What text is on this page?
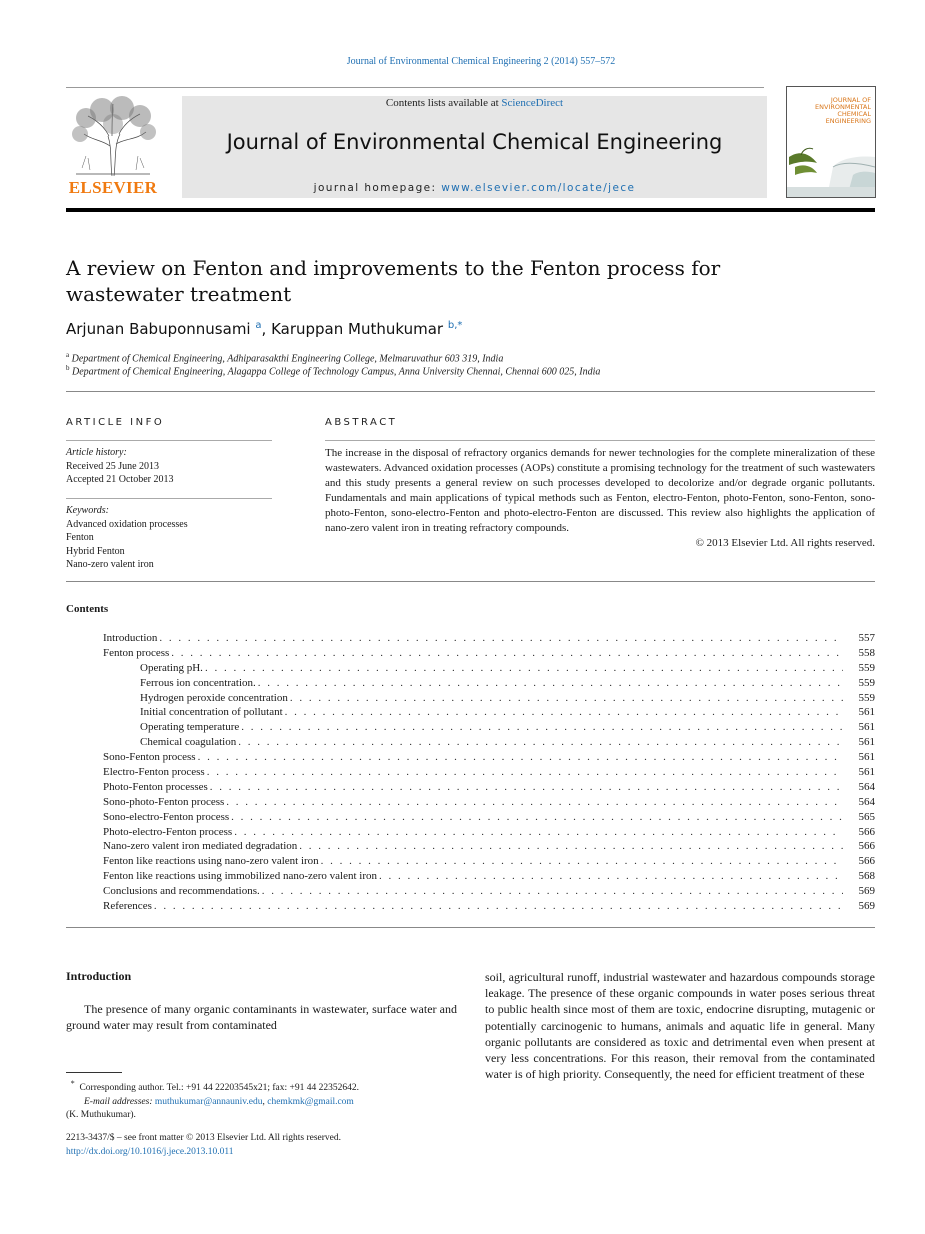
Journal of Environmental Chemical Engineering 2 (2014) 557–572
ELSEVIER
Contents lists available at ScienceDirect
Journal of Environmental Chemical Engineering
journal homepage: www.elsevier.com/locate/jece
JOURNAL OF
ENVIRONMENTAL
CHEMICAL
ENGINEERING
A review on Fenton and improvements to the Fenton process for
wastewater treatment
Arjunan Babuponnusami $^a$, Karuppan Muthukumar $^{b,*}$
$^a$ Department of Chemical Engineering, Adhiparasakthi Engineering College, Melmaruvathur 603 319, India
$^b$ Department of Chemical Engineering, Alagappa College of Technology Campus, Anna University Chennai, Chennai 600 025, India
ARTICLE INFO	ABSTRACT
Article history:
Received 25 June 2013
Accepted 21 October 2013
Keywords:
Advanced oxidation processes
Fenton
Hybrid Fenton
Nano-zero valent iron
The increase in the disposal of refractory organics demands for newer technologies for the complete mineralization of these wastewaters. Advanced oxidation processes (AOPs) constitute a promising technology for the treatment of such wastewaters and this study presents a general review on such processes developed to decolorize and/or degrade organic pollutants. Fundamentals and main applications of typical methods such as Fenton, electro-Fenton, photo-Fenton, sono-Fenton, sono-photo-Fenton, sono-electro-Fenton and photo-electro-Fenton are discussed. This review also highlights the application of nano-zero valent iron in treating refractory compounds.
© 2013 Elsevier Ltd. All rights reserved.
Contents
Introduction . . .	557
Fenton process . . .	558
Operating pH. . . .	559
Ferrous ion concentration. . . .	559
Hydrogen peroxide concentration . . .	559
Initial concentration of pollutant . . .	561
Operating temperature . . .	561
Chemical coagulation . . .	561
Sono-Fenton process . . .	561
Electro-Fenton process . . .	561
Photo-Fenton processes . . .	564
Sono-photo-Fenton process . . .	564
Sono-electro-Fenton process . . .	565
Photo-electro-Fenton process . . .	566
Nano-zero valent iron mediated degradation . . .	566
Fenton like reactions using nano-zero valent iron . . .	566
Fenton like reactions using immobilized nano-zero valent iron . . .	568
Conclusions and recommendations. . . .	569
References . . .	569
Introduction
The presence of many organic contaminants in wastewater, surface water and ground water may result from contaminated
soil, agricultural runoff, industrial wastewater and hazardous compounds storage leakage. The presence of these organic compounds in water poses serious threat to public health since most of them are toxic, endocrine disrupting, mutagenic or potentially carcinogenic to humans, animals and aquatic life in general. Many organic pollutants are considered as toxic and detrimental even when present at very less concentrations. For this reason, their removal from the contaminated water is of high priority. Consequently, the need for efficient treatment of these
* Corresponding author. Tel.: +91 44 22203545x21; fax: +91 44 22352642.
E-mail addresses: muthukumar@annauniv.edu, chemkmk@gmail.com
(K. Muthukumar).
2213-3437/$ – see front matter © 2013 Elsevier Ltd. All rights reserved.
http://dx.doi.org/10.1016/j.jece.2013.10.011
